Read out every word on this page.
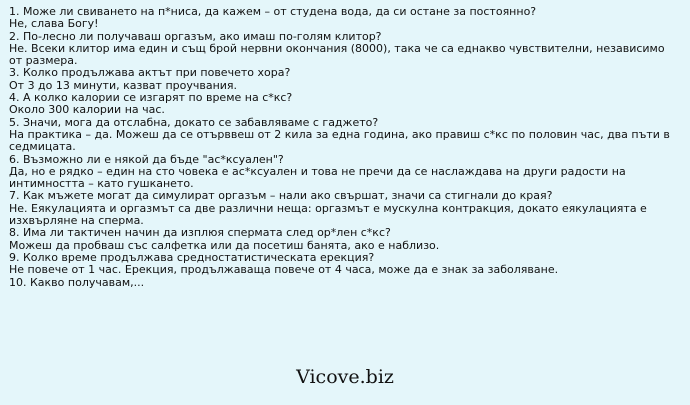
1. Може ли свиването на п*ниса, да кажем – от студена вода, да си остане за постоянно?
Не, слава Богу!
2. По-лесно ли получаваш оргазъм, ако имаш по-голям клитор?
Не. Всеки клитор има един и същ брой нервни окончания (8000), така че са еднакво чувствителни, независимо от размера.
3. Колко продължава актът при повечето хора?
От 3 до 13 минути, казват проучвания.
4. А колко калории се изгарят по време на с*кс?
Около 300 калории на час.
5. Значи, мога да отслабна, докато се забавляваме с гаджето?
На практика – да. Можеш да се отърввеш от 2 кила за една година, ако правиш с*кс по половин час, два пъти в седмицата.
6. Възможно ли е някой да бъде "ас*ксуален"?
Да, но е рядко – един на сто човека е ас*ксуален и това не пречи да се наслаждава на други радости на интимността – като гушкането.
7. Как мъжете могат да симулират оргазъм – нали ако свършат, значи са стигнали до края?
Не. Еякулацията и оргазмът са две различни неща: оргазмът е мускулна контракция, докато еякулацията е изхвърляне на сперма.
8. Има ли тактичен начин да изплюя спермата след ор*лен с*кс?
Можеш да пробваш със салфетка или да посетиш банята, ако е наблизо.
9. Колко време продължава средностатистическата ерекция?
Не повече от 1 час. Ерекция, продължаваща повече от 4 часа, може да е знак за заболяване.
10. Какво получавам,...
Vicove.biz
